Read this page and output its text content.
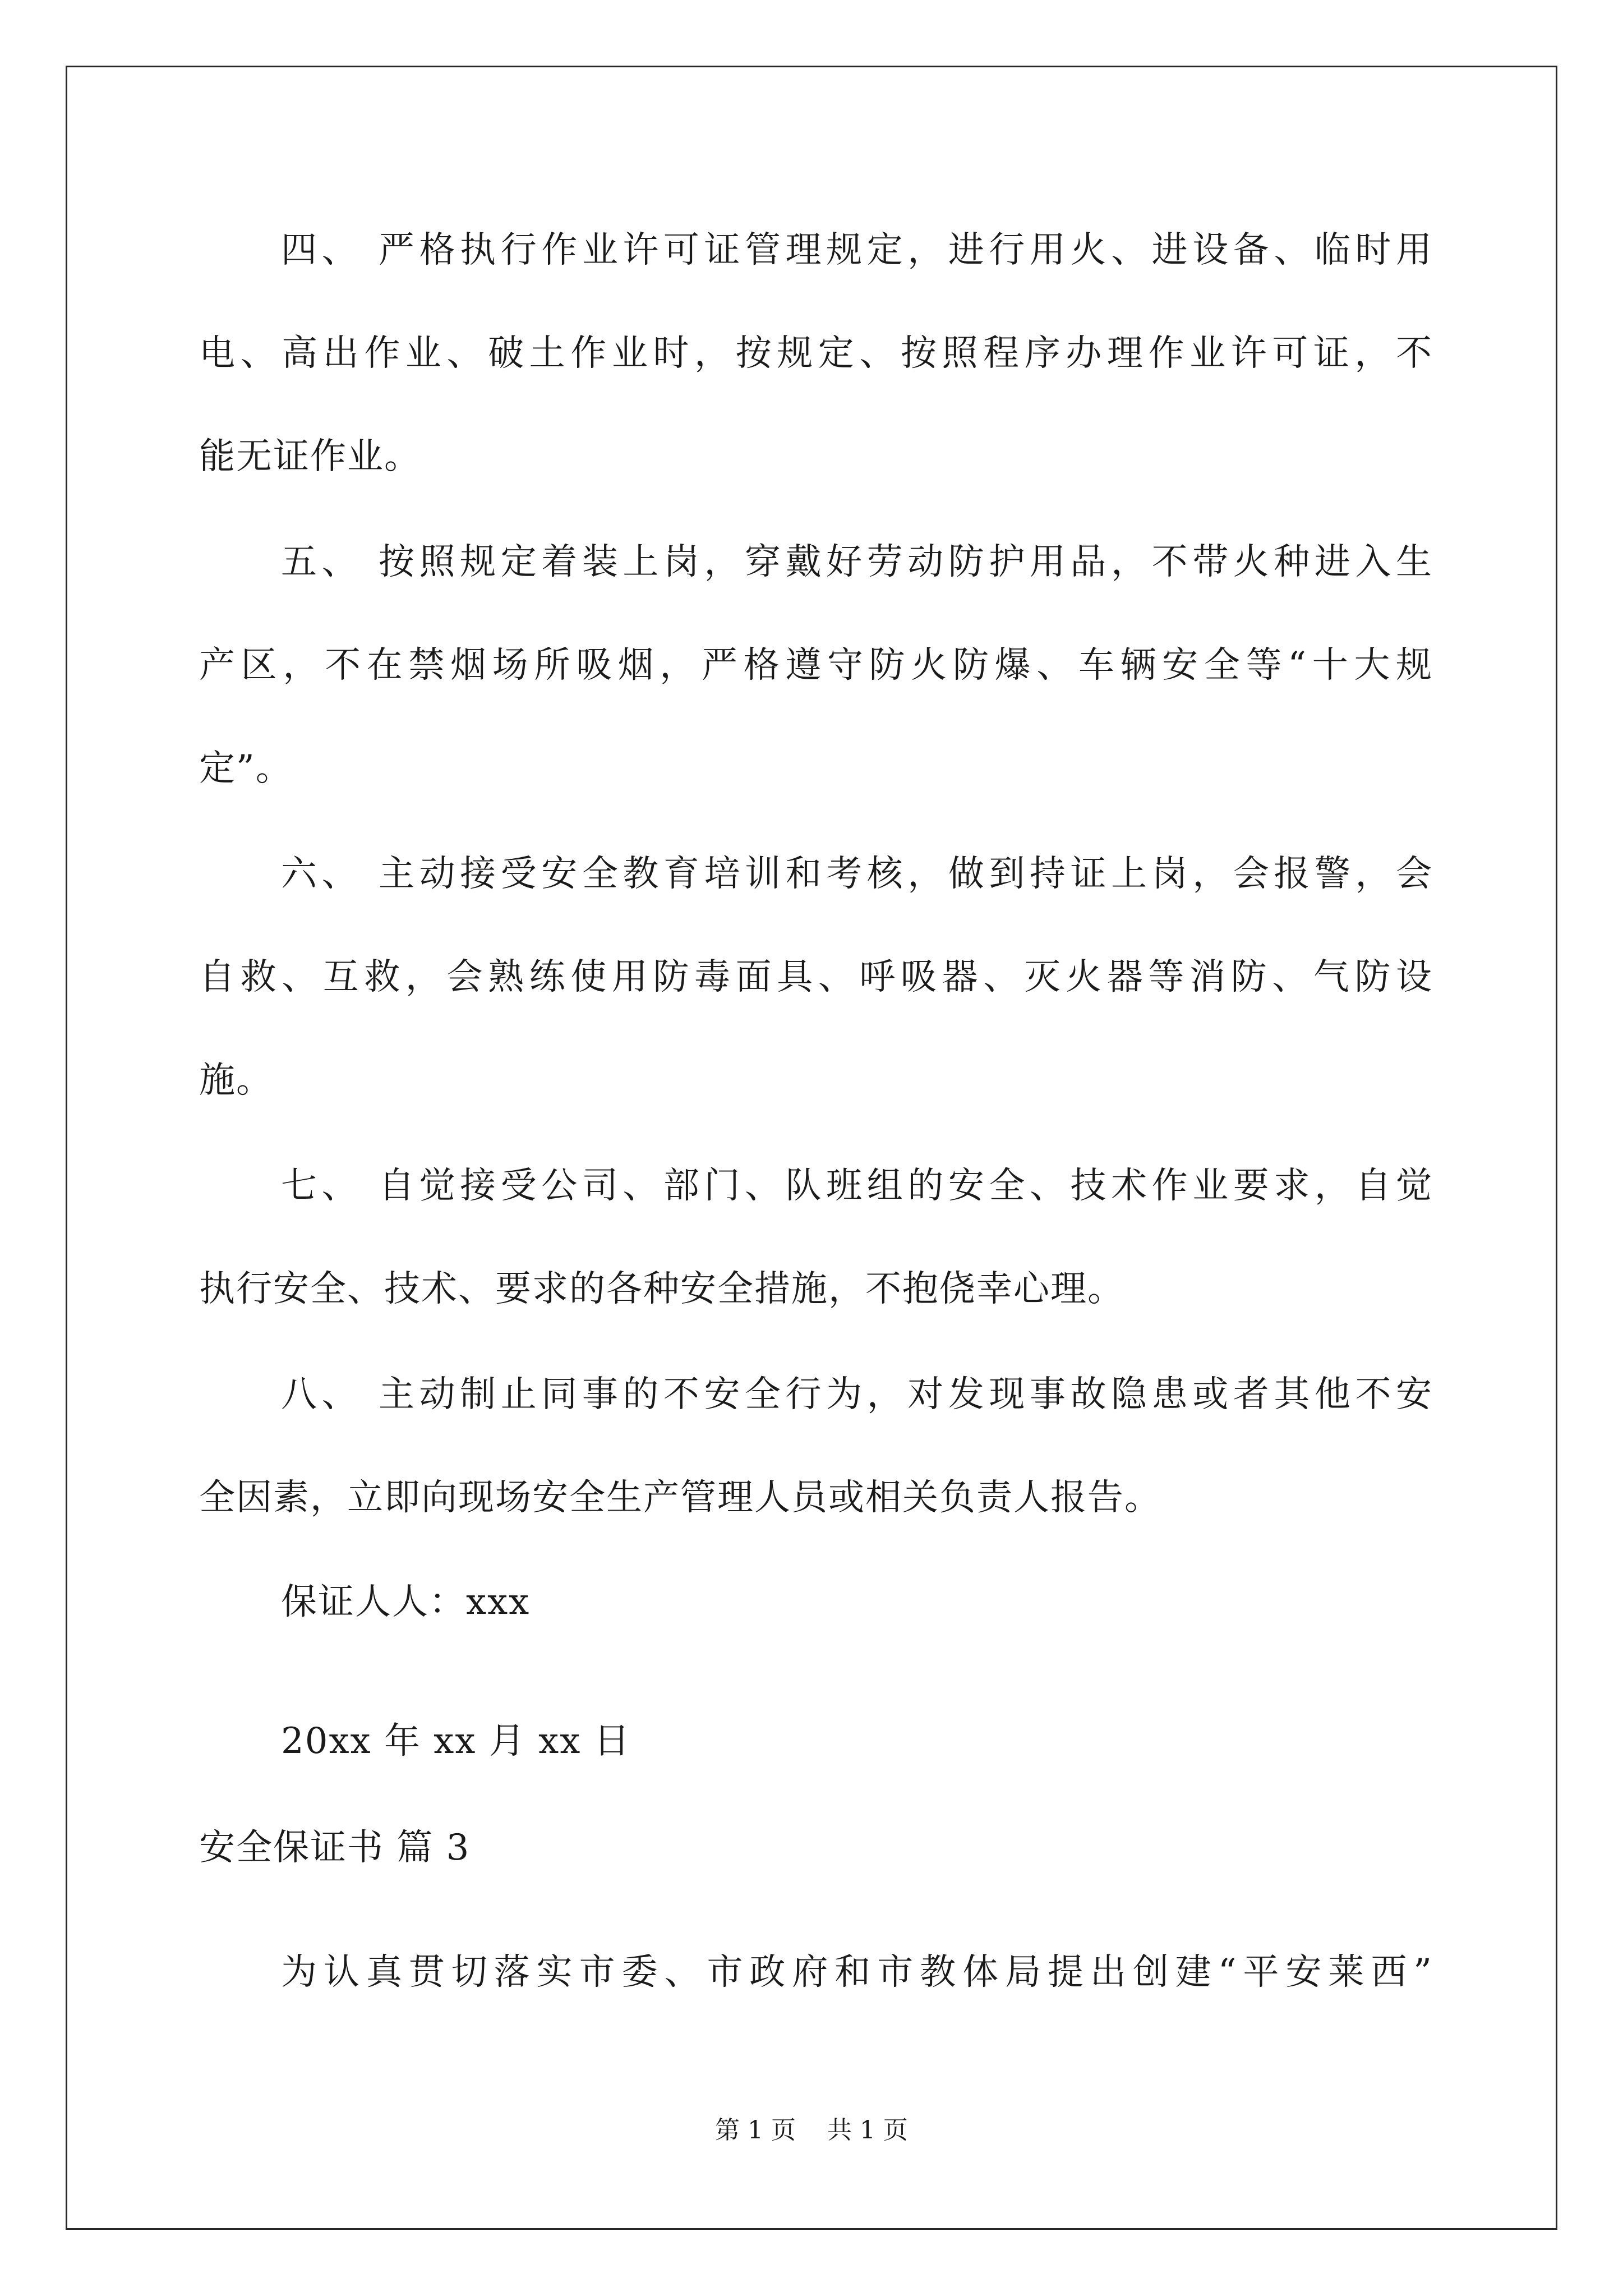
四、 严格执行作业许可证管理规定，进行用火、进设备、临时用
电、高出作业、破土作业时，按规定、按照程序办理作业许可证，不
能无证作业。
五、 按照规定着装上岗，穿戴好劳动防护用品，不带火种进入生
产区，不在禁烟场所吸烟，严格遵守防火防爆、车辆安全等“十大规
定”。
六、 主动接受安全教育培训和考核，做到持证上岗，会报警，会
自救、互救，会熟练使用防毒面具、呼吸器、灭火器等消防、气防设
施。
七、 自觉接受公司、部门、队班组的安全、技术作业要求，自觉
执行安全、技术、要求的各种安全措施，不抱侥幸心理。
八、 主动制止同事的不安全行为，对发现事故隐患或者其他不安
全因素，立即向现场安全生产管理人员或相关负责人报告。
保证人人：xxx
20xx 年 xx 月 xx 日
安全保证书 篇 3
为认真贯切落实市委、市政府和市教体局提出创建“平安莱西”
第 1 页    共 1 页
